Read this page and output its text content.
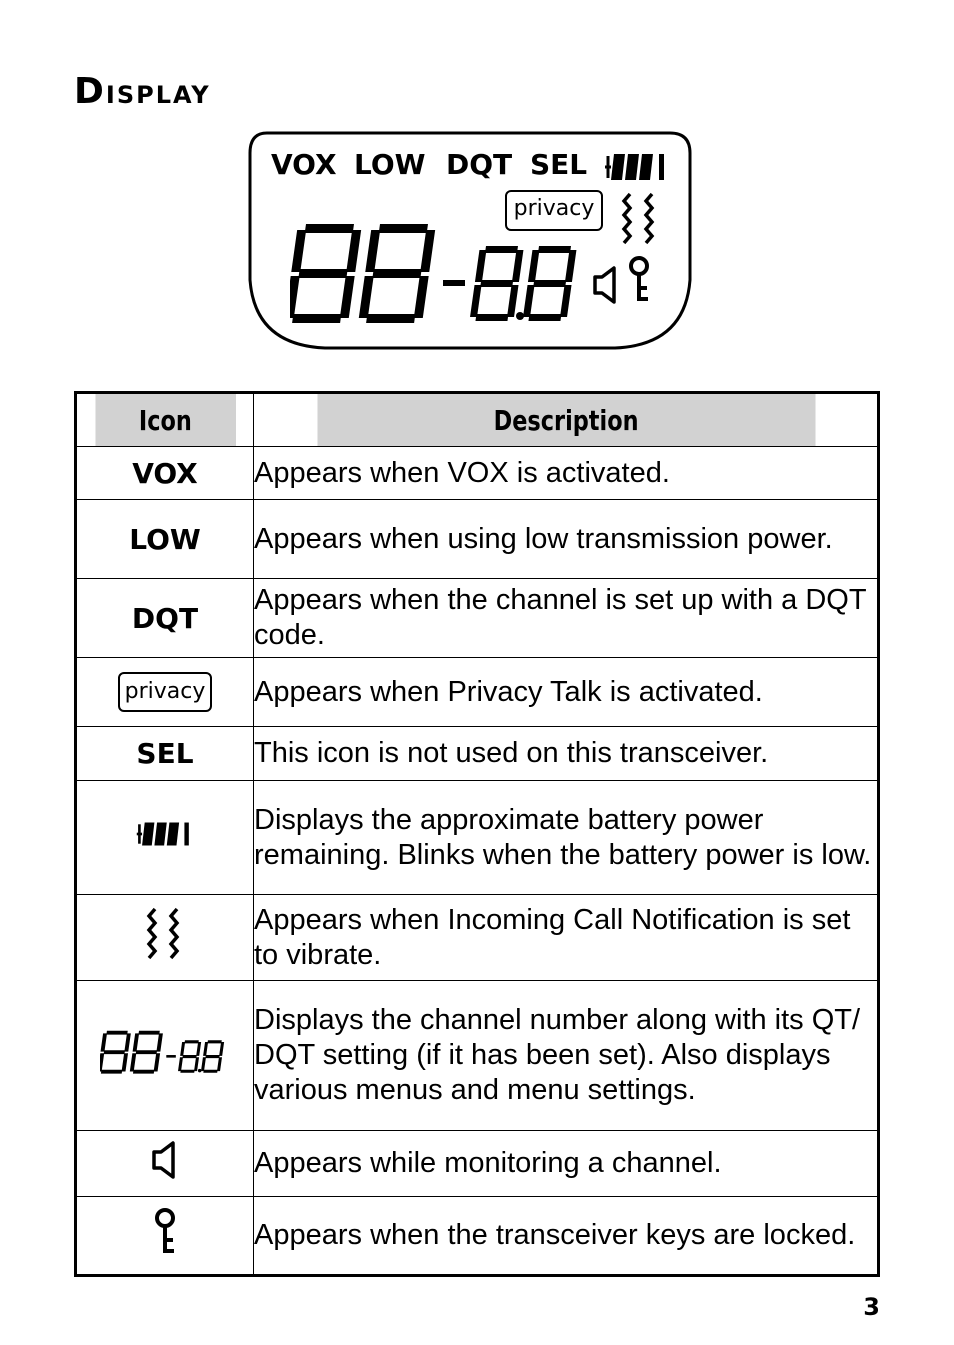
DISPLAY
VOX LOW DQT SEL
privacy
Icon	Description
VOX	Appears when VOX is activated.
LOW	Appears when using low transmission power.
DQT	Appears when the channel is set up with a DQT code.
privacy	Appears when Privacy Talk is activated.
SEL	This icon is not used on this transceiver.
	Displays the approximate battery power remaining. Blinks when the battery power is low.
	Appears when Incoming Call Notification is set to vibrate.
	Displays the channel number along with its QT/ DQT setting (if it has been set). Also displays various menus and menu settings.
	Appears while monitoring a channel.
	Appears when the transceiver keys are locked.
3
